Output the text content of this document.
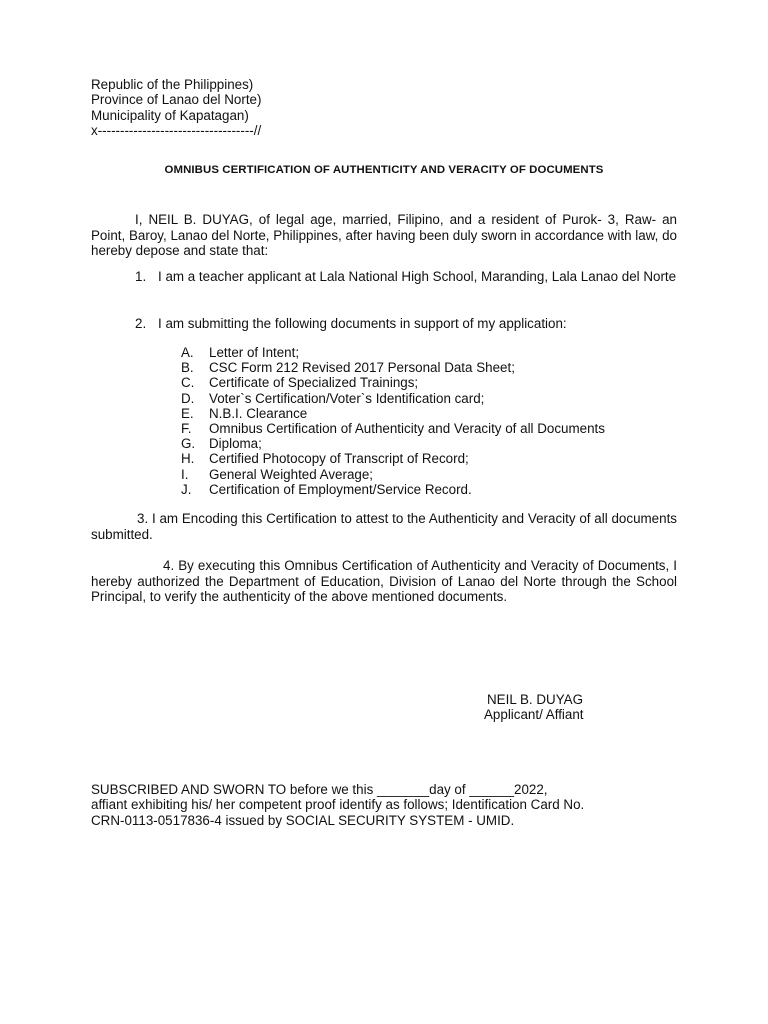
Republic of the Philippines)
Province of Lanao del Norte)
Municipality of Kapatagan)
x-----------------------------------//
OMNIBUS CERTIFICATION OF AUTHENTICITY AND VERACITY OF DOCUMENTS
I, NEIL B. DUYAG, of legal age, married, Filipino, and a resident of Purok- 3, Raw- an Point, Baroy, Lanao del Norte, Philippines, after having been duly sworn in accordance with law, do hereby depose and state that:
1. I am a teacher applicant at Lala National High School, Maranding, Lala Lanao del Norte
2. I am submitting the following documents in support of my application:
A. Letter of Intent;
B. CSC Form 212 Revised 2017 Personal Data Sheet;
C. Certificate of Specialized Trainings;
D. Voter`s Certification/Voter`s Identification card;
E. N.B.I. Clearance
F. Omnibus Certification of Authenticity and Veracity of all Documents
G. Diploma;
H. Certified Photocopy of Transcript of Record;
I. General Weighted Average;
J. Certification of Employment/Service Record.
3. I am Encoding this Certification to attest to the Authenticity and Veracity of all documents submitted.
4. By executing this Omnibus Certification of Authenticity and Veracity of Documents, I hereby authorized the Department of Education, Division of Lanao del Norte through the School Principal, to verify the authenticity of the above mentioned documents.
NEIL B. DUYAG
Applicant/ Affiant
SUBSCRIBED AND SWORN TO before we this _______day of ______2022,
affiant exhibiting his/ her competent proof identify as follows; Identification Card No.
CRN-0113-0517836-4 issued by SOCIAL SECURITY SYSTEM - UMID.
